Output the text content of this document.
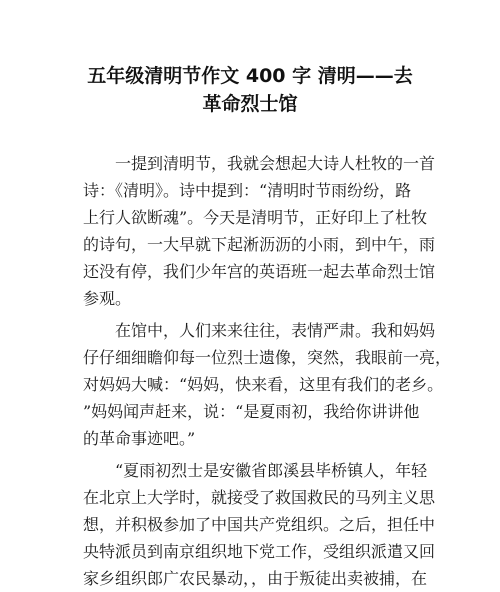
五年级清明节作文 400 字 清明——去
革命烈士馆
　　一提到清明节，我就会想起大诗人杜牧的一首
诗：《清明》。诗中提到：“清明时节雨纷纷，路
上行人欲断魂”。今天是清明节，正好印上了杜牧
的诗句，一大早就下起淅沥沥的小雨，到中午，雨
还没有停，我们少年宫的英语班一起去革命烈士馆
参观。
　　在馆中，人们来来往往，表情严肃。我和妈妈
仔仔细细瞻仰每一位烈士遗像，突然，我眼前一亮，
对妈妈大喊：“妈妈，快来看，这里有我们的老乡。
”妈妈闻声赶来，说：“是夏雨初，我给你讲讲他
的革命事迹吧。”
　　“夏雨初烈士是安徽省郎溪县毕桥镇人，年轻
在北京上大学时，就接受了救国救民的马列主义思
想，并积极参加了中国共产党组织。之后，担任中
央特派员到南京组织地下党工作，受组织派遣又回
家乡组织郎广农民暴动，，由于叛徒出卖被捕，在
